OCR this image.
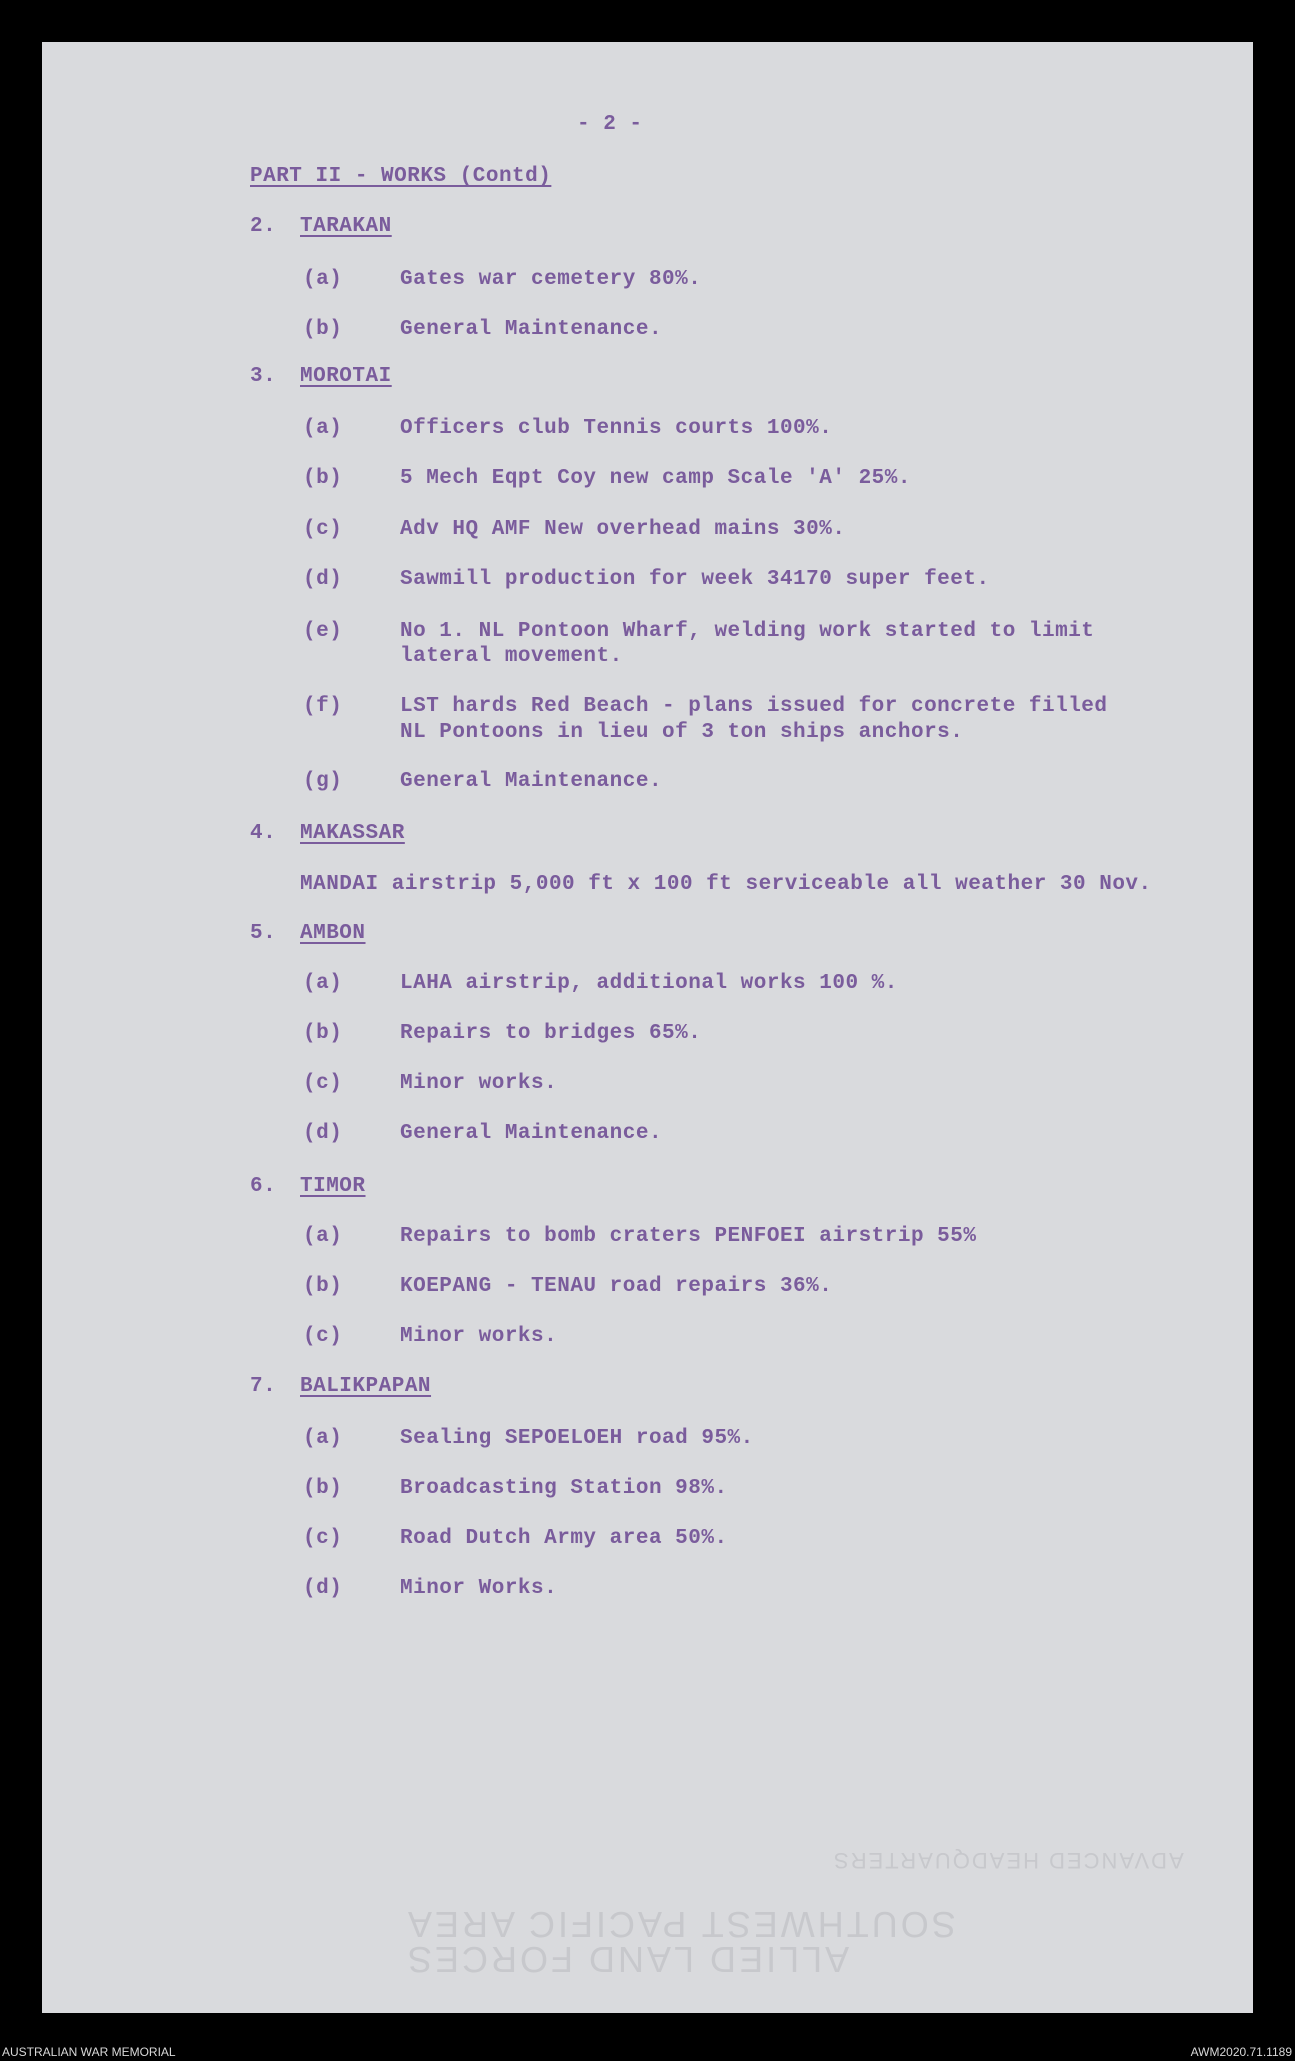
- 2 -
PART II - WORKS (Contd)
2. TARAKAN
(a)	Gates war cemetery 80%.
(b)	General Maintenance.
3. MOROTAI
(a)	Officers club Tennis courts 100%.
(b)	5 Mech Eqpt Coy new camp Scale 'A' 25%.
(c)	Adv HQ AMF New overhead mains 30%.
(d)	Sawmill production for week 34170 super feet.
(e)	No 1. NL Pontoon Wharf, welding work started to limit
lateral movement.
(f)	LST hards Red Beach - plans issued for concrete filled
NL Pontoons in lieu of 3 ton ships anchors.
(g)	General Maintenance.
4. MAKASSAR
MANDAI airstrip 5,000 ft x 100 ft serviceable all weather 30 Nov.
5. AMBON
(a)	LAHA airstrip, additional works 100 %.
(b)	Repairs to bridges 65%.
(c)	Minor works.
(d)	General Maintenance.
6. TIMOR
(a)	Repairs to bomb craters PENFOEI airstrip 55%
(b)	KOEPANG - TENAU road repairs 36%.
(c)	Minor works.
7. BALIKPAPAN
(a)	Sealing SEPOELOEH road 95%.
(b)	Broadcasting Station 98%.
(c)	Road Dutch Army area 50%.
(d)	Minor Works.
ADVANCED HEADQUARTERS
SOUTHWEST PACIFIC AREA
ALLIED LAND FORCES
AUSTRALIAN WAR MEMORIAL	AWM2020.71.1189
